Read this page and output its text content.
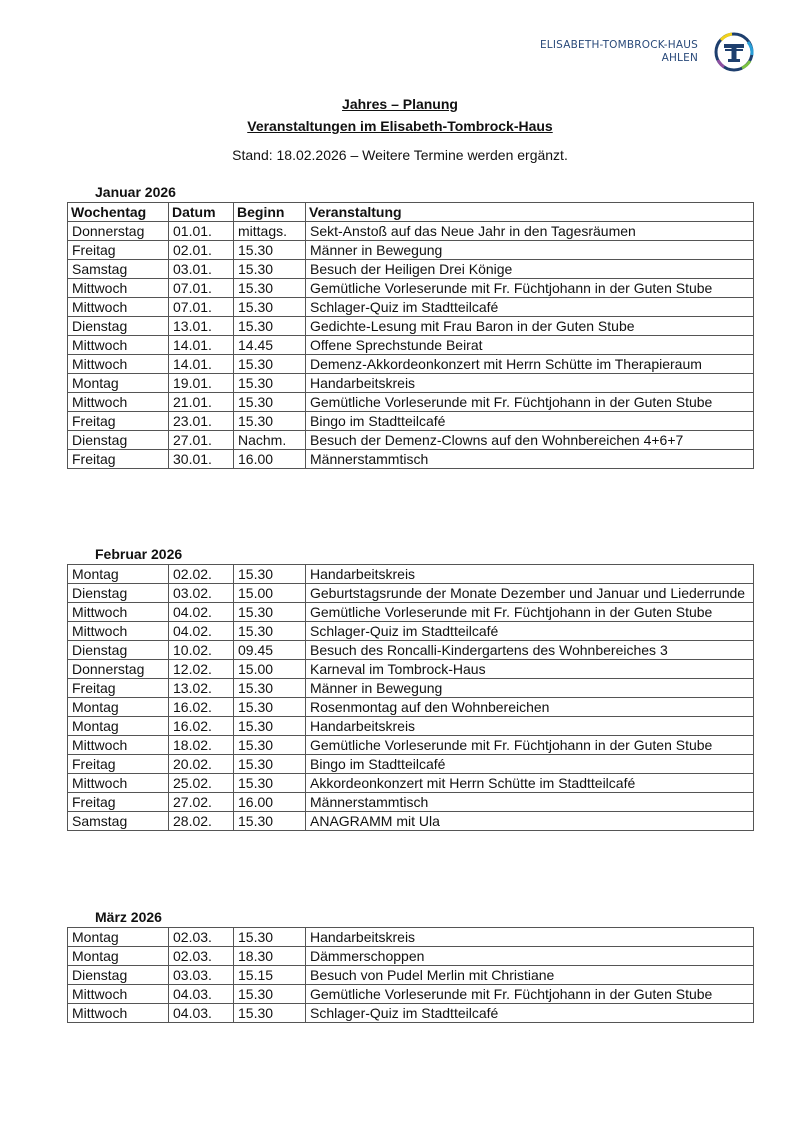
ELISABETH-TOMBROCK-HAUS
AHLEN
Jahres – Planung
Veranstaltungen im Elisabeth-Tombrock-Haus
Stand: 18.02.2026 – Weitere Termine werden ergänzt.
Januar 2026
Wochentag	Datum	Beginn	Veranstaltung
Donnerstag	01.01.	mittags.	Sekt-Anstoß auf das Neue Jahr in den Tagesräumen
Freitag	02.01.	15.30	Männer in Bewegung
Samstag	03.01.	15.30	Besuch der Heiligen Drei Könige
Mittwoch	07.01.	15.30	Gemütliche Vorleserunde mit Fr. Füchtjohann in der Guten Stube
Mittwoch	07.01.	15.30	Schlager-Quiz im Stadtteilcafé
Dienstag	13.01.	15.30	Gedichte-Lesung mit Frau Baron in der Guten Stube
Mittwoch	14.01.	14.45	Offene Sprechstunde Beirat
Mittwoch	14.01.	15.30	Demenz-Akkordeonkonzert mit Herrn Schütte im Therapieraum
Montag	19.01.	15.30	Handarbeitskreis
Mittwoch	21.01.	15.30	Gemütliche Vorleserunde mit Fr. Füchtjohann in der Guten Stube
Freitag	23.01.	15.30	Bingo im Stadtteilcafé
Dienstag	27.01.	Nachm.	Besuch der Demenz-Clowns auf den Wohnbereichen 4+6+7
Freitag	30.01.	16.00	Männerstammtisch
Februar 2026
Montag	02.02.	15.30	Handarbeitskreis
Dienstag	03.02.	15.00	Geburtstagsrunde der Monate Dezember und Januar und Liederrunde
Mittwoch	04.02.	15.30	Gemütliche Vorleserunde mit Fr. Füchtjohann in der Guten Stube
Mittwoch	04.02.	15.30	Schlager-Quiz im Stadtteilcafé
Dienstag	10.02.	09.45	Besuch des Roncalli-Kindergartens des Wohnbereiches 3
Donnerstag	12.02.	15.00	Karneval im Tombrock-Haus
Freitag	13.02.	15.30	Männer in Bewegung
Montag	16.02.	15.30	Rosenmontag auf den Wohnbereichen
Montag	16.02.	15.30	Handarbeitskreis
Mittwoch	18.02.	15.30	Gemütliche Vorleserunde mit Fr. Füchtjohann in der Guten Stube
Freitag	20.02.	15.30	Bingo im Stadtteilcafé
Mittwoch	25.02.	15.30	Akkordeonkonzert mit Herrn Schütte im Stadtteilcafé
Freitag	27.02.	16.00	Männerstammtisch
Samstag	28.02.	15.30	ANAGRAMM mit Ula
März 2026
Montag	02.03.	15.30	Handarbeitskreis
Montag	02.03.	18.30	Dämmerschoppen
Dienstag	03.03.	15.15	Besuch von Pudel Merlin mit Christiane
Mittwoch	04.03.	15.30	Gemütliche Vorleserunde mit Fr. Füchtjohann in der Guten Stube
Mittwoch	04.03.	15.30	Schlager-Quiz im Stadtteilcafé
